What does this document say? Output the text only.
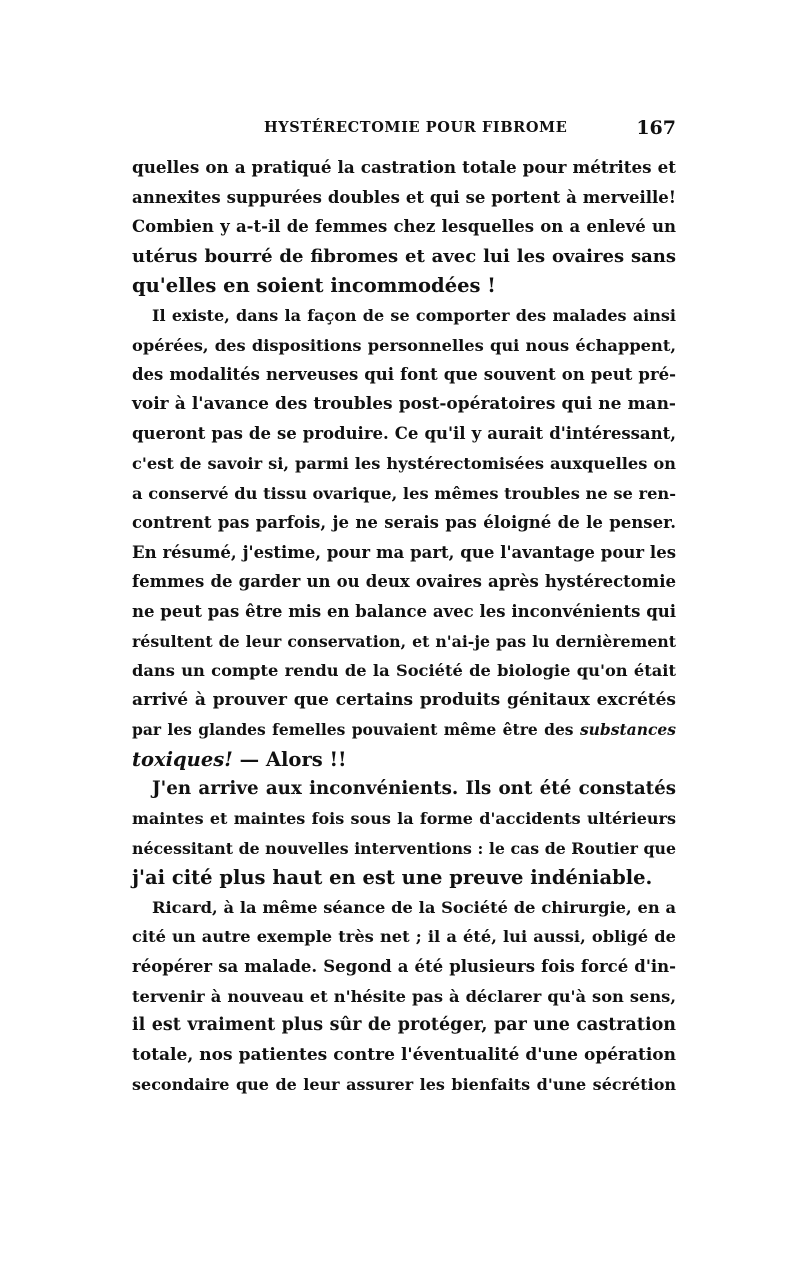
HYSTÉRECTOMIE POUR FIBROME	167
quelles on a pratiqué la castration totale pour métrites et
annexites suppurées doubles et qui se portent à merveille!
Combien y a-t-il de femmes chez lesquelles on a enlevé un
utérus bourré de fibromes et avec lui les ovaires sans
qu'elles en soient incommodées !
Il existe, dans la façon de se comporter des malades ainsi
opérées, des dispositions personnelles qui nous échappent,
des modalités nerveuses qui font que souvent on peut pré-
voir à l'avance des troubles post-opératoires qui ne man-
queront pas de se produire. Ce qu'il y aurait d'intéressant,
c'est de savoir si, parmi les hystérectomisées auxquelles on
a conservé du tissu ovarique, les mêmes troubles ne se ren-
contrent pas parfois, je ne serais pas éloigné de le penser.
En résumé, j'estime, pour ma part, que l'avantage pour les
femmes de garder un ou deux ovaires après hystérectomie
ne peut pas être mis en balance avec les inconvénients qui
résultent de leur conservation, et n'ai-je pas lu dernièrement
dans un compte rendu de la Société de biologie qu'on était
arrivé à prouver que certains produits génitaux excrétés
par les glandes femelles pouvaient même être des substances
toxiques! — Alors !!
J'en arrive aux inconvénients. Ils ont été constatés
maintes et maintes fois sous la forme d'accidents ultérieurs
nécessitant de nouvelles interventions : le cas de Routier que
j'ai cité plus haut en est une preuve indéniable.
Ricard, à la même séance de la Société de chirurgie, en a
cité un autre exemple très net ; il a été, lui aussi, obligé de
réopérer sa malade. Segond a été plusieurs fois forcé d'in-
tervenir à nouveau et n'hésite pas à déclarer qu'à son sens,
il est vraiment plus sûr de protéger, par une castration
totale, nos patientes contre l'éventualité d'une opération
secondaire que de leur assurer les bienfaits d'une sécrétion
